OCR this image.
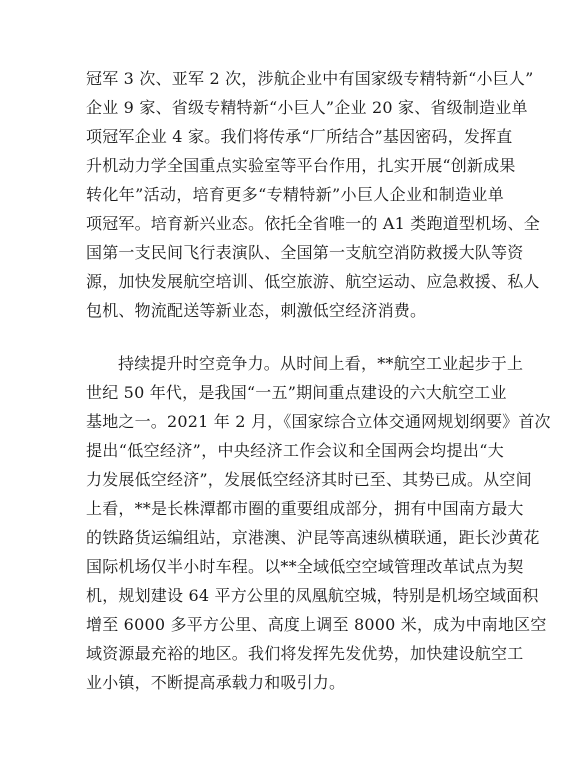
冠军 3 次、亚军 2 次，涉航企业中有国家级专精特新“小巨人”
企业 9 家、省级专精特新“小巨人”企业 20 家、省级制造业单
项冠军企业 4 家。我们将传承“厂所结合”基因密码，发挥直
升机动力学全国重点实验室等平台作用，扎实开展“创新成果
转化年”活动，培育更多“专精特新”小巨人企业和制造业单
项冠军。培育新兴业态。依托全省唯一的 A1 类跑道型机场、全
国第一支民间飞行表演队、全国第一支航空消防救援大队等资
源，加快发展航空培训、低空旅游、航空运动、应急救援、私人
包机、物流配送等新业态，刺激低空经济消费。
持续提升时空竞争力。从时间上看，**航空工业起步于上
世纪 50 年代，是我国“一五”期间重点建设的六大航空工业
基地之一。2021 年 2 月，《国家综合立体交通网规划纲要》首次
提出“低空经济”，中央经济工作会议和全国两会均提出“大
力发展低空经济”，发展低空经济其时已至、其势已成。从空间
上看，**是长株潭都市圈的重要组成部分，拥有中国南方最大
的铁路货运编组站，京港澳、沪昆等高速纵横联通，距长沙黄花
国际机场仅半小时车程。以**全域低空空域管理改革试点为契
机，规划建设 64 平方公里的凤凰航空城，特别是机场空域面积
增至 6000 多平方公里、高度上调至 8000 米，成为中南地区空
域资源最充裕的地区。我们将发挥先发优势，加快建设航空工
业小镇，不断提高承载力和吸引力。
